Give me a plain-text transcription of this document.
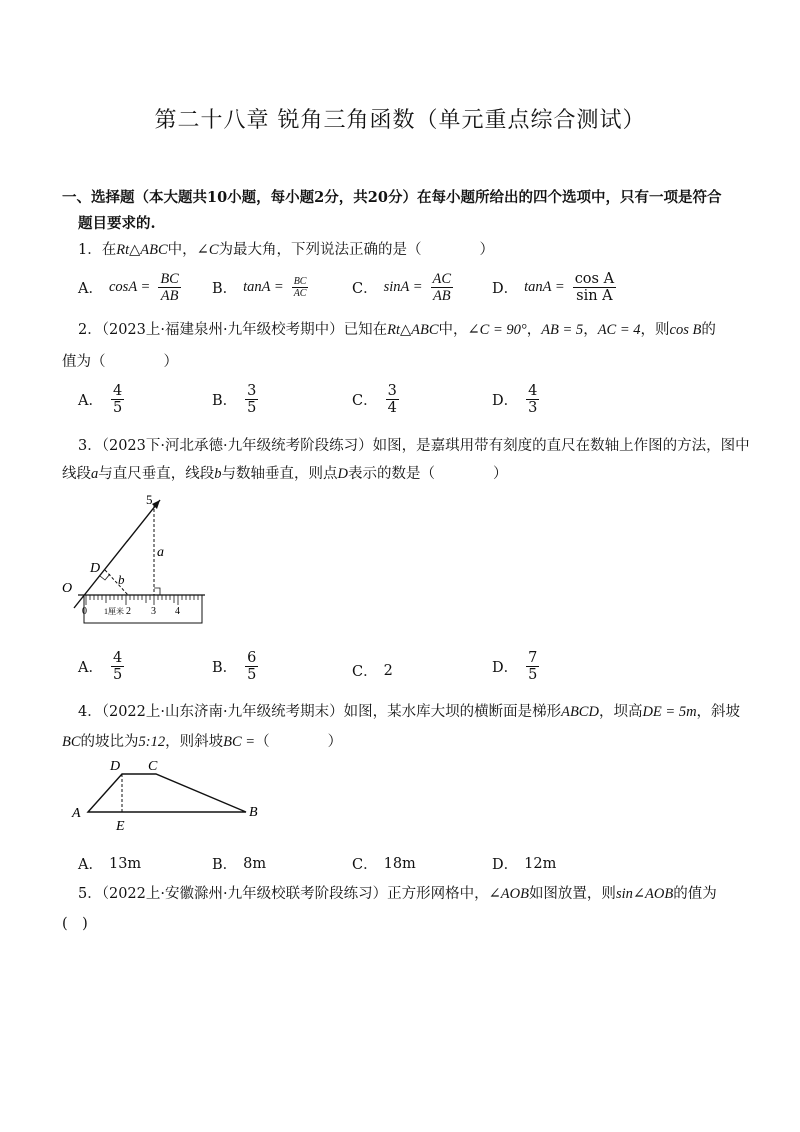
第二十八章 锐角三角函数（单元重点综合测试）
一、选择题（本大题共10小题，每小题2分，共20分）在每小题所给出的四个选项中，只有一项是符合
题目要求的.
1．在Rt△ABC中，∠C为最大角，下列说法正确的是（　　　　）
A． $\cos A = \frac{BC}{AB}$ B． $\tan A = \frac{BC}{AC}$	C． $\sin A = \frac{AC}{AB}$	D． $\tan A = \frac{\text{cos A}}{\text{sin A}}$
2．（2023上·福建泉州·九年级校考期中）已知在Rt△ABC中，∠C = 90°，AB = 5，AC = 4，则cos B的
值为（　　　　）
A． $\frac{4}{5}$	B． $\frac{3}{5}$	C． $\frac{3}{4}$	D． $\frac{4}{3}$
3．（2023下·河北承德·九年级统考阶段练习）如图，是嘉琪用带有刻度的直尺在数轴上作图的方法，图中
线段a与直尺垂直，线段b与数轴垂直，则点D表示的数是（　　　　）
5
a
D
b
O
0 1厘米 2 3 4
A． $\frac{4}{5}$	B． $\frac{6}{5}$	C． 2	D． $\frac{7}{5}$
4．（2022上·山东济南·九年级统考期末）如图，某水库大坝的横断面是梯形ABCD，坝高DE = 5m，斜坡
BC的坡比为5:12，则斜坡BC =（　　　　）
D C
A
E
B
A． 13m	B． 8m	C． 18m	D． 12m
5．（2022上·安徽滁州·九年级校联考阶段练习）正方形网格中，∠AOB如图放置，则sin∠AOB的值为
(　)
